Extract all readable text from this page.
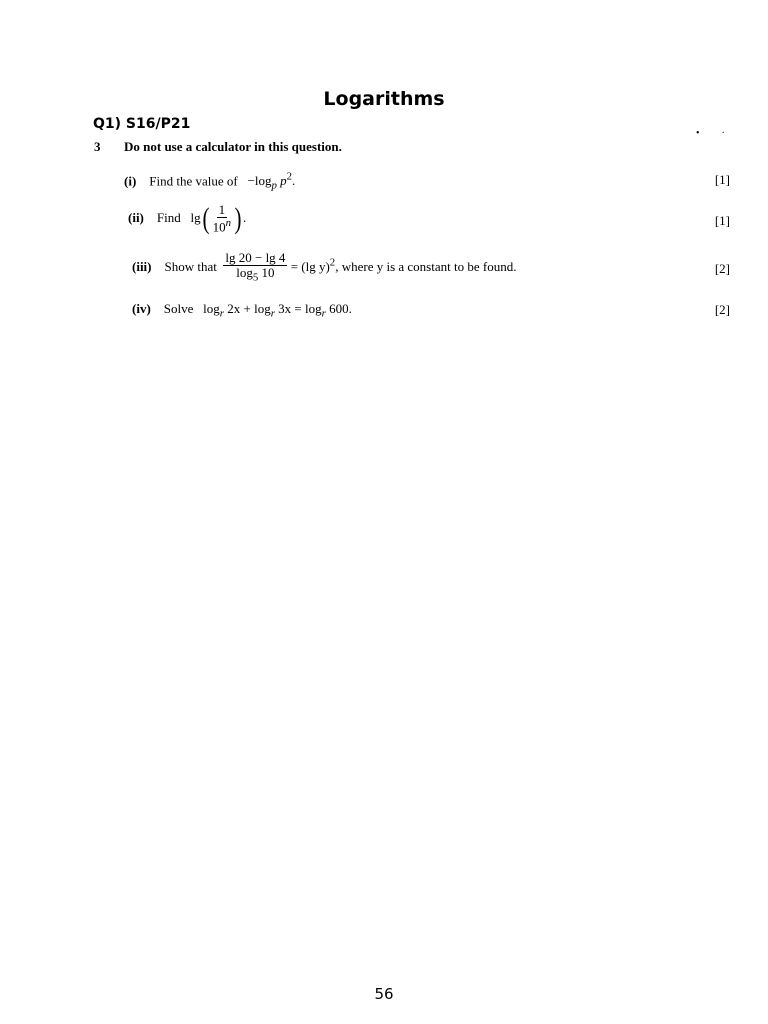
Logarithms
Q1) S16/P21
•·
3 Do not use a calculator in this question.
(i) Find the value of $-\log_p$ $p^2$.	[1]
(ii) Find $\lg( \frac{1}{10^n}$ ) .	[1]
(iii) Show that $\frac{\lg 20 - \lg 4}{\log_5 10} = (\lg$ y)$^2$, where y is a constant to be found.	[2]
(iv) Solve $\log_r 2x + \log_r 3x = \log_r 600$.	[2]
56
